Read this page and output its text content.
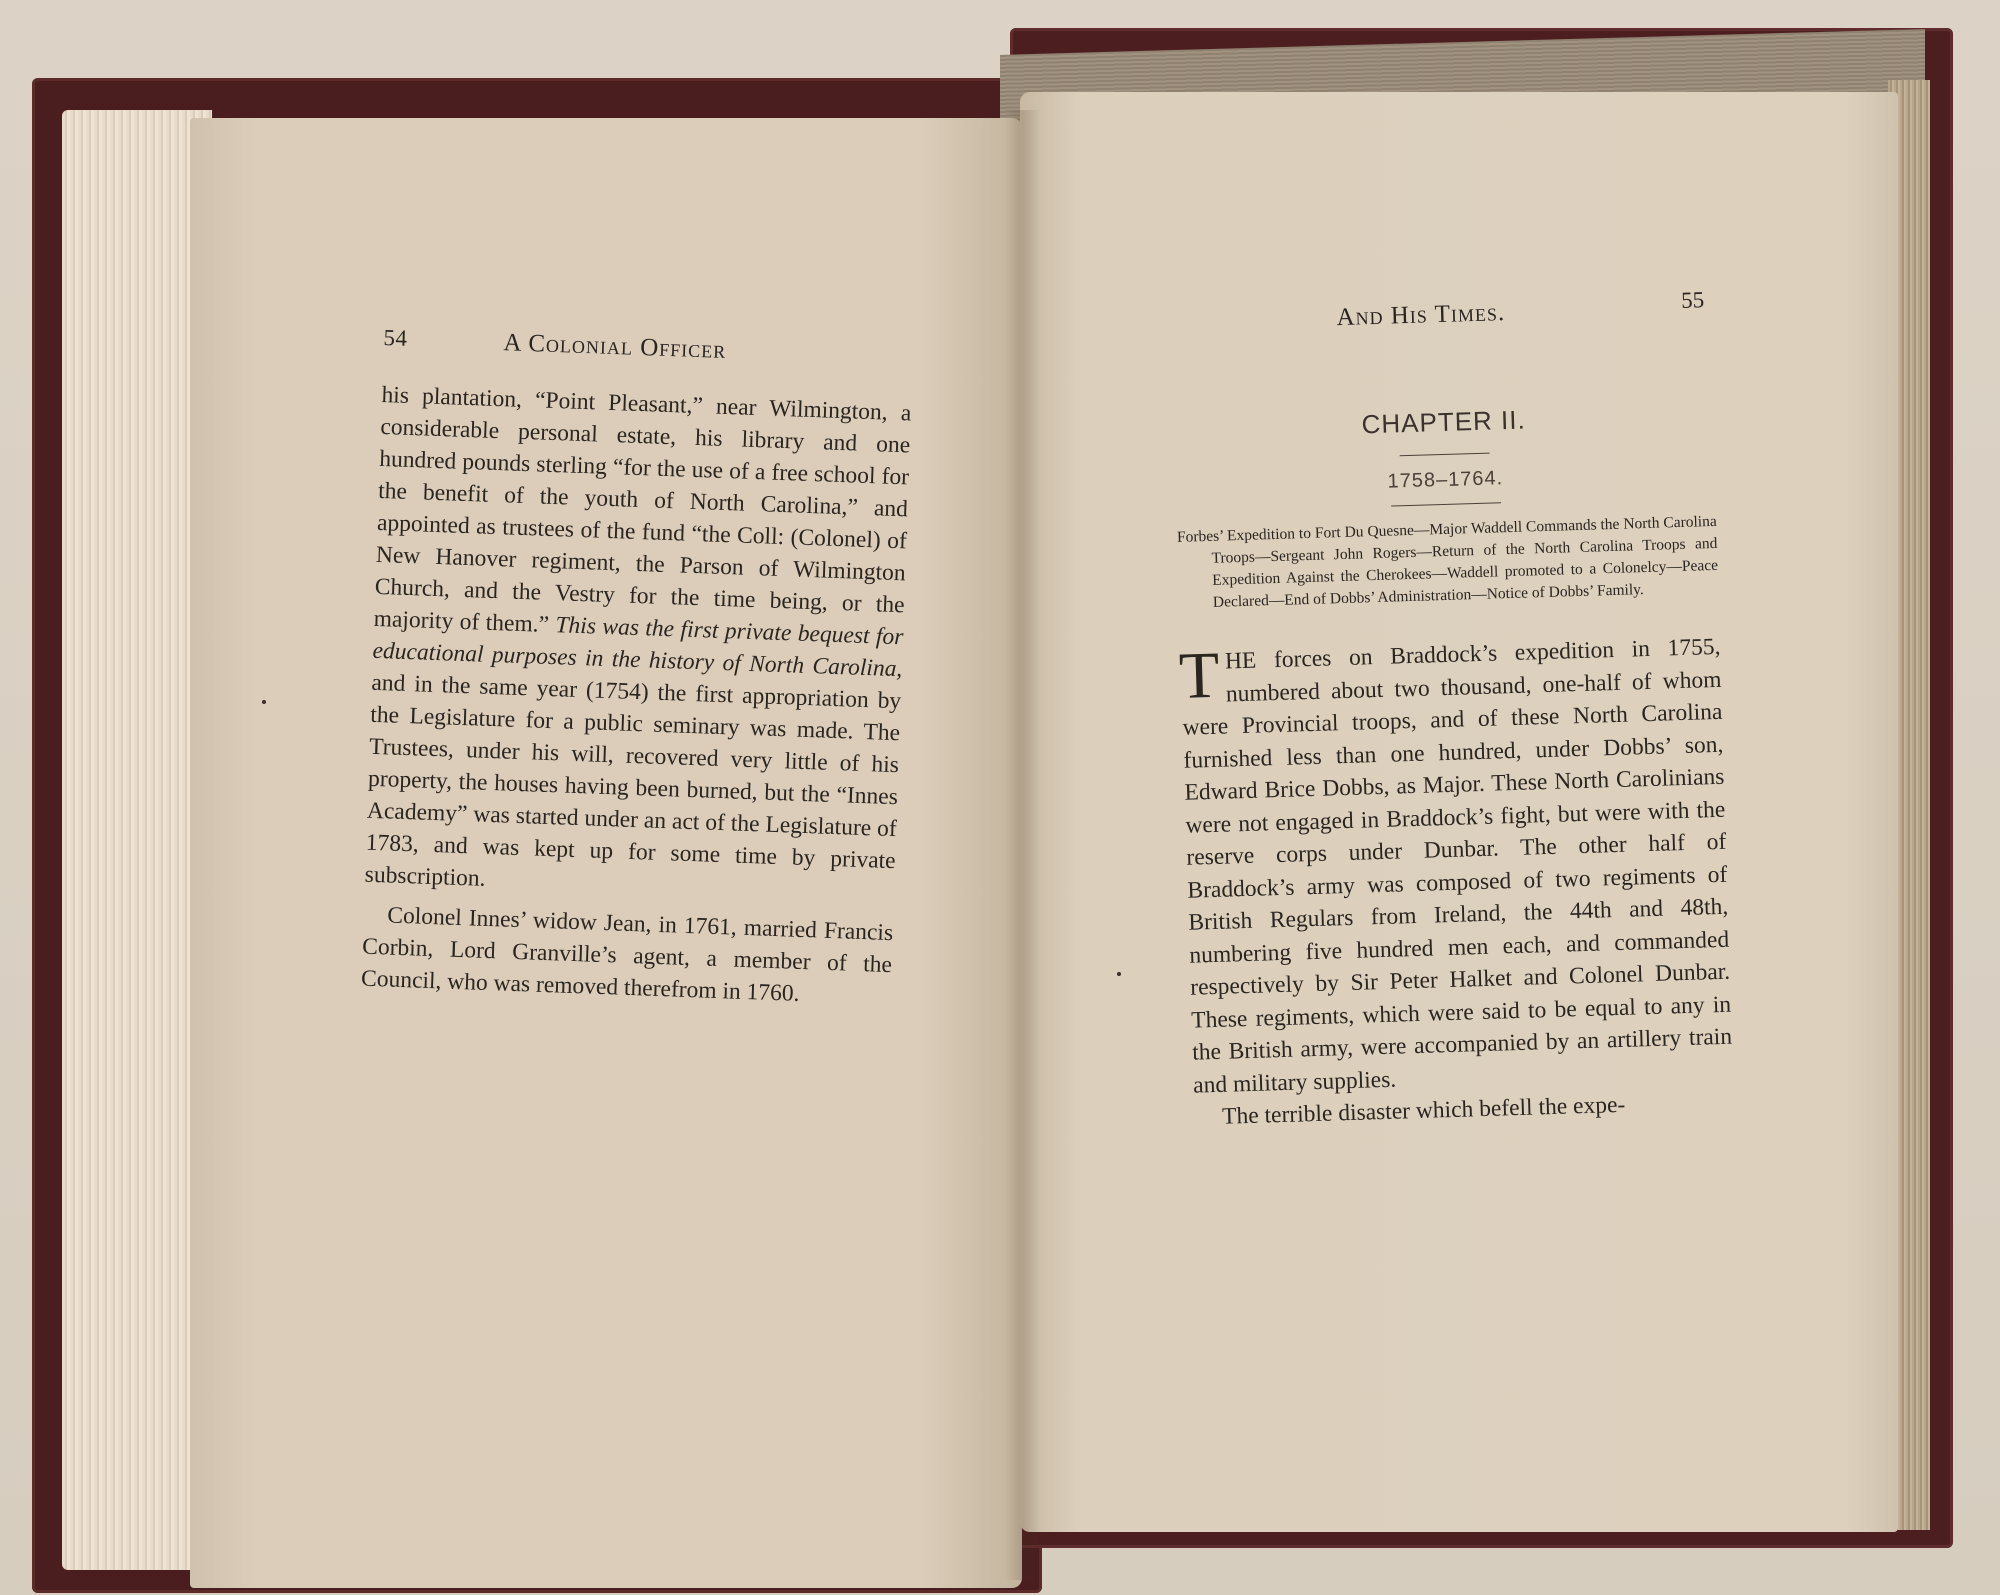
54	A Colonial Officer

his plantation, “Point Pleasant,” near Wilmington, a considerable personal estate, his library and one hundred pounds sterling “for the use of a free school for the benefit of the youth of North Carolina,” and appointed as trustees of the fund “the Coll: (Colonel) of New Hanover regiment, the Parson of Wilmington Church, and the Vestry for the time being, or the majority of them.” This was the first private bequest for educational purposes in the history of North Carolina, and in the same year (1754) the first appropriation by the Legislature for a public seminary was made. The Trustees, under his will, recovered very little of his property, the houses having been burned, but the “Innes Academy” was started under an act of the Legislature of 1783, and was kept up for some time by private subscription.

Colonel Innes’ widow Jean, in 1761, married Francis Corbin, Lord Granville’s agent, a member of the Council, who was removed therefrom in 1760.

And His Times.	55
CHAPTER II.
1758–1764.
Forbes’ Expedition to Fort Du Quesne—Major Waddell Commands the North Carolina Troops—Sergeant John Rogers—Return of the North Carolina Troops and Expedition Against the Cherokees—Waddell promoted to a Colonelcy—Peace Declared—End of Dobbs’ Administration—Notice of Dobbs’ Family.

THE forces on Braddock’s expedition in 1755, numbered about two thousand, one-half of whom were Provincial troops, and of these North Carolina furnished less than one hundred, under Dobbs’ son, Edward Brice Dobbs, as Major. These North Carolinians were not engaged in Braddock’s fight, but were with the reserve corps under Dunbar. The other half of Braddock’s army was composed of two regiments of British Regulars from Ireland, the 44th and 48th, numbering five hundred men each, and commanded respectively by Sir Peter Halket and Colonel Dunbar. These regiments, which were said to be equal to any in the British army, were accompanied by an artillery train and military supplies.

The terrible disaster which befell the expe-
